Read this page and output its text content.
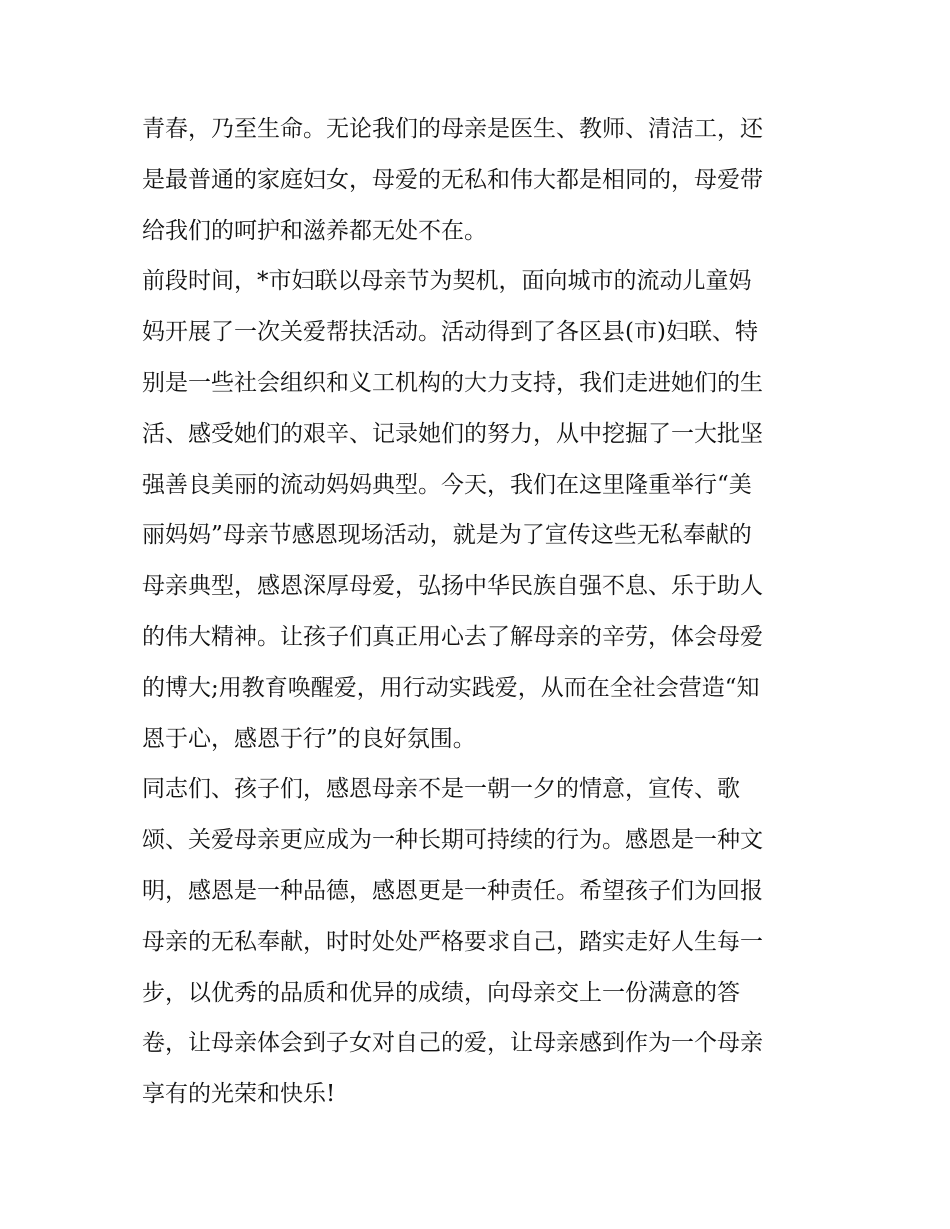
青春，乃至生命。无论我们的母亲是医生、教师、清洁工，还
是最普通的家庭妇女，母爱的无私和伟大都是相同的，母爱带
给我们的呵护和滋养都无处不在。
前段时间，*市妇联以母亲节为契机，面向城市的流动儿童妈
妈开展了一次关爱帮扶活动。活动得到了各区县(市)妇联、特
别是一些社会组织和义工机构的大力支持，我们走进她们的生
活、感受她们的艰辛、记录她们的努力，从中挖掘了一大批坚
强善良美丽的流动妈妈典型。今天，我们在这里隆重举行“美
丽妈妈”母亲节感恩现场活动，就是为了宣传这些无私奉献的
母亲典型，感恩深厚母爱，弘扬中华民族自强不息、乐于助人
的伟大精神。让孩子们真正用心去了解母亲的辛劳，体会母爱
的博大;用教育唤醒爱，用行动实践爱，从而在全社会营造“知
恩于心，感恩于行”的良好氛围。
同志们、孩子们，感恩母亲不是一朝一夕的情意，宣传、歌
颂、关爱母亲更应成为一种长期可持续的行为。感恩是一种文
明，感恩是一种品德，感恩更是一种责任。希望孩子们为回报
母亲的无私奉献，时时处处严格要求自己，踏实走好人生每一
步，以优秀的品质和优异的成绩，向母亲交上一份满意的答
卷，让母亲体会到子女对自己的爱，让母亲感到作为一个母亲
享有的光荣和快乐!
